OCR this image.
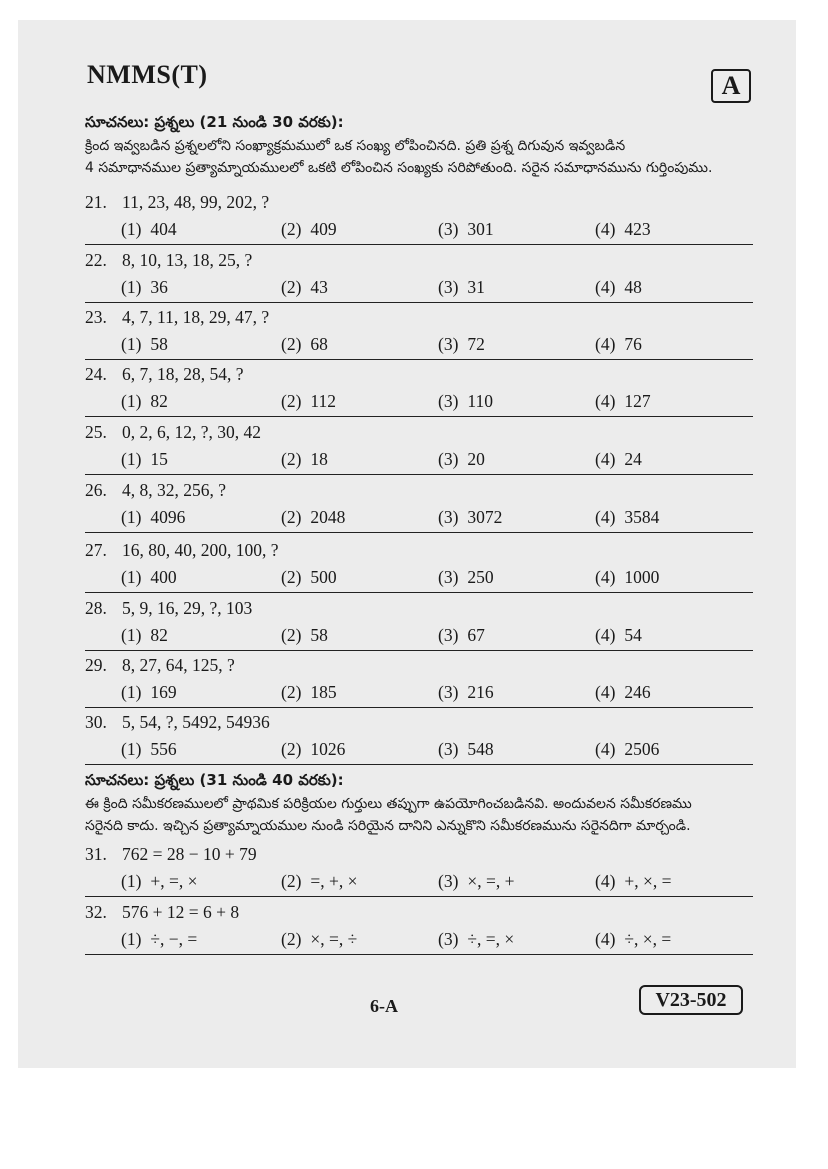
NMMS(T)	A
సూచనలు: ప్రశ్నలు (21 నుండి 30 వరకు):
క్రింద ఇవ్వబడిన ప్రశ్నలలోని సంఖ్యాక్రమములో ఒక సంఖ్య లోపించినది. ప్రతి ప్రశ్న దిగువున ఇవ్వబడిన
4 సమాధానముల ప్రత్యామ్నాయములలో ఒకటి లోపించిన సంఖ్యకు సరిపోతుంది. సరైన సమాధానమును గుర్తింపుము.
21. 11, 23, 48, 99, 202, ?
(1) 404	(2) 409	(3) 301	(4) 423
22. 8, 10, 13, 18, 25, ?
(1) 36	(2) 43	(3) 31	(4) 48
23. 4, 7, 11, 18, 29, 47, ?
(1) 58	(2) 68	(3) 72	(4) 76
24. 6, 7, 18, 28, 54, ?
(1) 82	(2) 112	(3) 110	(4) 127
25. 0, 2, 6, 12, ?, 30, 42
(1) 15	(2) 18	(3) 20	(4) 24
26. 4, 8, 32, 256, ?
(1) 4096	(2) 2048	(3) 3072	(4) 3584
27. 16, 80, 40, 200, 100, ?
(1) 400	(2) 500	(3) 250	(4) 1000
28. 5, 9, 16, 29, ?, 103
(1) 82	(2) 58	(3) 67	(4) 54
29. 8, 27, 64, 125, ?
(1) 169	(2) 185	(3) 216	(4) 246
30. 5, 54, ?, 5492, 54936
(1) 556	(2) 1026	(3) 548	(4) 2506
31. 762 = 28 − 10 + 79
(1) +, =, ×	(2) =, +, ×	(3) ×, =, +	(4) +, ×, =
32. 576 + 12 = 6 + 8
(1) ÷, −, =	(2) ×, =, ÷	(3) ÷, =, ×	(4) ÷, ×, =
సూచనలు: ప్రశ్నలు (31 నుండి 40 వరకు):
ఈ క్రింది సమీకరణములలో ప్రాథమిక పరిక్రియల గుర్తులు తప్పుగా ఉపయోగించబడినవి. అందువలన సమీకరణము
సరైనది కాదు. ఇచ్చిన ప్రత్యామ్నాయముల నుండి సరియైన దానిని ఎన్నుకొని సమీకరణమును సరైనదిగా మార్చండి.
6-A	V23-502
